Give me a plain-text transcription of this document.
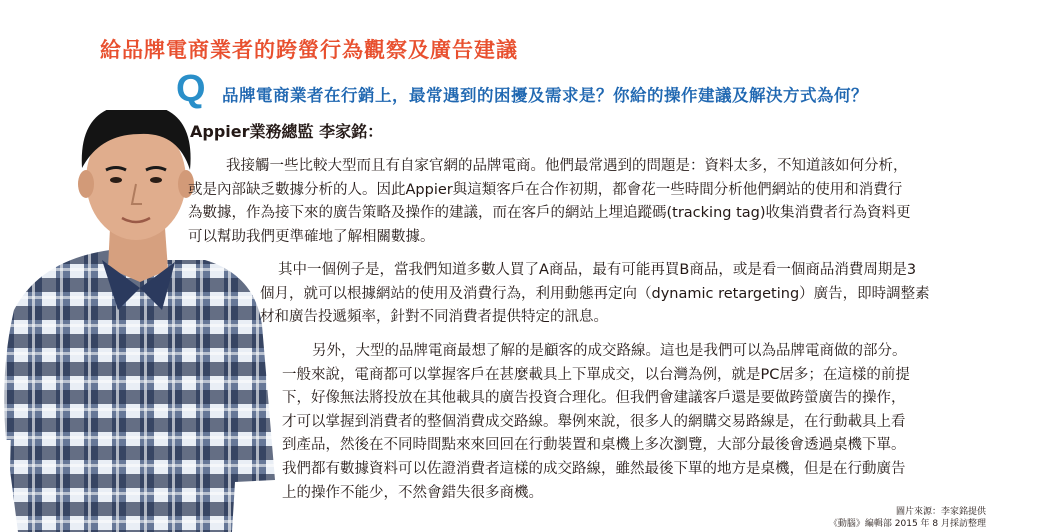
給品牌電商業者的跨螢行為觀察及廣告建議
Q 品牌電商業者在行銷上，最常遇到的困擾及需求是？你給的操作建議及解決方式為何？
Appier業務總監 李家銘：
我接觸一些比較大型而且有自家官網的品牌電商。他們最常遇到的問題是：資料太多，不知道該如何分析，
或是內部缺乏數據分析的人。因此Appier與這類客戶在合作初期，都會花一些時間分析他們網站的使用和消費行
為數據，作為接下來的廣告策略及操作的建議，而在客戶的網站上埋追蹤碼(tracking tag)收集消費者行為資料更
可以幫助我們更準確地了解相關數據。
其中一個例子是，當我們知道多數人買了A商品，最有可能再買B商品，或是看一個商品消費周期是3
個月，就可以根據網站的使用及消費行為，利用動態再定向（dynamic retargeting）廣告，即時調整素
材和廣告投遞頻率，針對不同消費者提供特定的訊息。
另外，大型的品牌電商最想了解的是顧客的成交路線。這也是我們可以為品牌電商做的部分。
一般來說，電商都可以掌握客戶在甚麼載具上下單成交，以台灣為例，就是PC居多；在這樣的前提
下，好像無法將投放在其他載具的廣告投資合理化。但我們會建議客戶還是要做跨螢廣告的操作，
才可以掌握到消費者的整個消費成交路線。舉例來說，很多人的網購交易路線是，在行動載具上看
到產品，然後在不同時間點來來回回在行動裝置和桌機上多次瀏覽，大部分最後會透過桌機下單。
我們都有數據資料可以佐證消費者這樣的成交路線，雖然最後下單的地方是桌機，但是在行動廣告
上的操作不能少，不然會錯失很多商機。
圖片來源：李家銘提供
《動腦》編輯部 2015 年 8 月採訪整理
